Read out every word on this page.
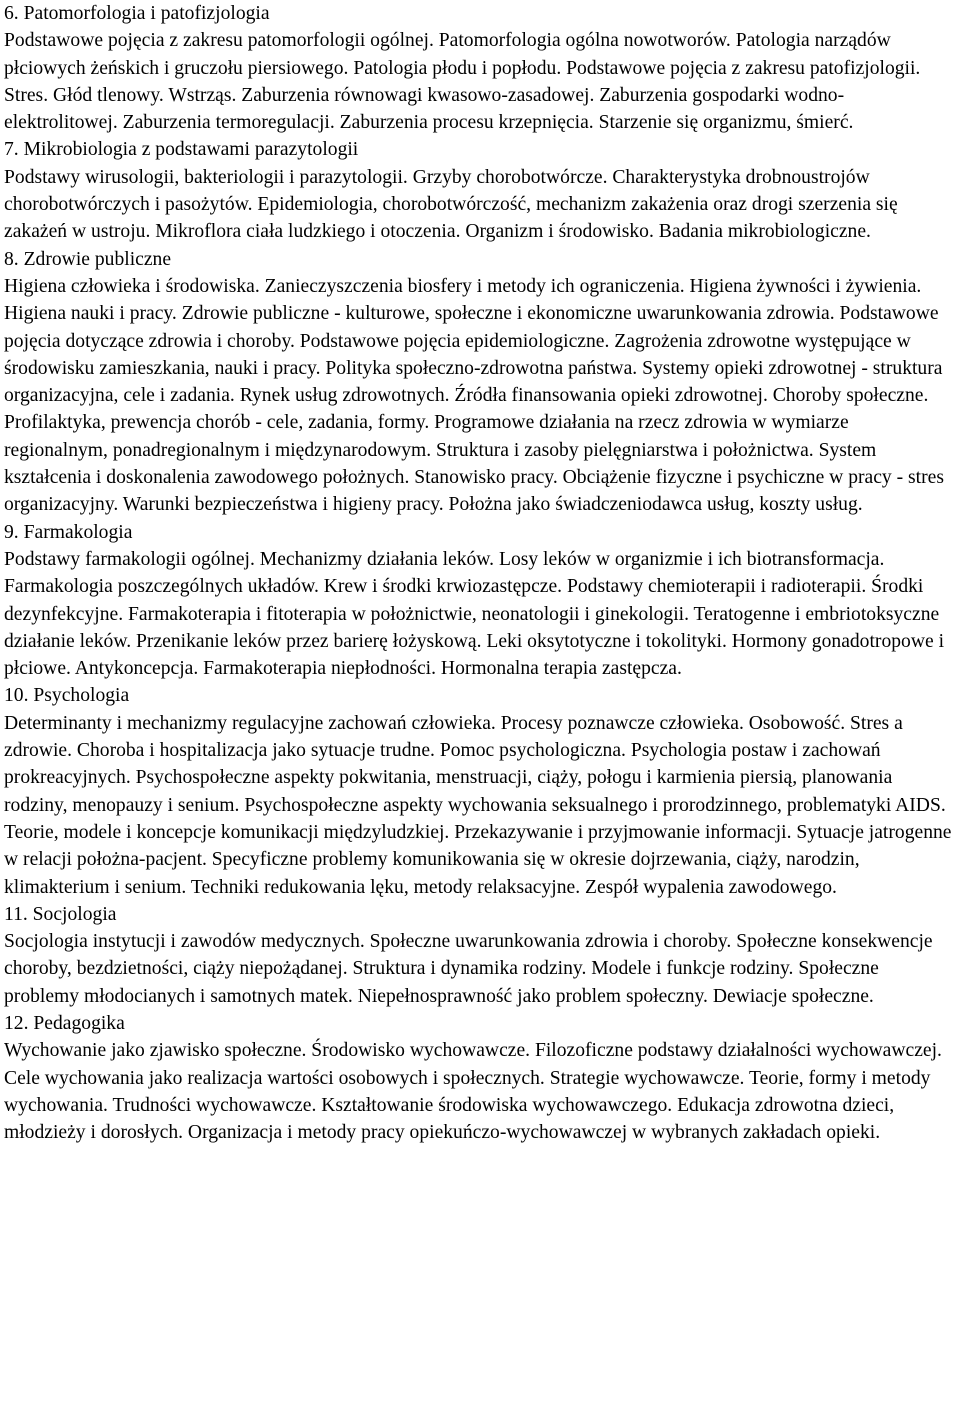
6. Patomorfologia i patofizjologia

Podstawowe pojęcia z zakresu patomorfologii ogólnej. Patomorfologia ogólna nowotworów. Patologia narządów płciowych żeńskich i gruczołu piersiowego. Patologia płodu i popłodu. Podstawowe pojęcia z zakresu patofizjologii. Stres. Głód tlenowy. Wstrząs. Zaburzenia równowagi kwasowo-zasadowej. Zaburzenia gospodarki wodno-elektrolitowej. Zaburzenia termoregulacji. Zaburzenia procesu krzepnięcia. Starzenie się organizmu, śmierć.

7. Mikrobiologia z podstawami parazytologii

Podstawy wirusologii, bakteriologii i parazytologii. Grzyby chorobotwórcze. Charakterystyka drobnoustrojów chorobotwórczych i pasożytów. Epidemiologia, chorobotwórczość, mechanizm zakażenia oraz drogi szerzenia się zakażeń w ustroju. Mikroflora ciała ludzkiego i otoczenia. Organizm i środowisko. Badania mikrobiologiczne.

8. Zdrowie publiczne

Higiena człowieka i środowiska. Zanieczyszczenia biosfery i metody ich ograniczenia. Higiena żywności i żywienia. Higiena nauki i pracy. Zdrowie publiczne - kulturowe, społeczne i ekonomiczne uwarunkowania zdrowia. Podstawowe pojęcia dotyczące zdrowia i choroby. Podstawowe pojęcia epidemiologiczne. Zagrożenia zdrowotne występujące w środowisku zamieszkania, nauki i pracy. Polityka społeczno-zdrowotna państwa. Systemy opieki zdrowotnej - struktura organizacyjna, cele i zadania. Rynek usług zdrowotnych. Źródła finansowania opieki zdrowotnej. Choroby społeczne. Profilaktyka, prewencja chorób - cele, zadania, formy. Programowe działania na rzecz zdrowia w wymiarze regionalnym, ponadregionalnym i międzynarodowym. Struktura i zasoby pielęgniarstwa i położnictwa. System kształcenia i doskonalenia zawodowego położnych. Stanowisko pracy. Obciążenie fizyczne i psychiczne w pracy - stres organizacyjny. Warunki bezpieczeństwa i higieny pracy. Położna jako świadczeniodawca usług, koszty usług.

9. Farmakologia

Podstawy farmakologii ogólnej. Mechanizmy działania leków. Losy leków w organizmie i ich biotransformacja. Farmakologia poszczególnych układów. Krew i środki krwiozastępcze. Podstawy chemioterapii i radioterapii. Środki dezynfekcyjne. Farmakoterapia i fitoterapia w położnictwie, neonatologii i ginekologii. Teratogenne i embriotoksyczne działanie leków. Przenikanie leków przez barierę łożyskową. Leki oksytotyczne i tokolityki. Hormony gonadotropowe i płciowe. Antykoncepcja. Farmakoterapia niepłodności. Hormonalna terapia zastępcza.

10. Psychologia

Determinanty i mechanizmy regulacyjne zachowań człowieka. Procesy poznawcze człowieka. Osobowość. Stres a zdrowie. Choroba i hospitalizacja jako sytuacje trudne. Pomoc psychologiczna. Psychologia postaw i zachowań prokreacyjnych. Psychospołeczne aspekty pokwitania, menstruacji, ciąży, połogu i karmienia piersią, planowania rodziny, menopauzy i senium. Psychospołeczne aspekty wychowania seksualnego i prorodzinnego, problematyki AIDS. Teorie, modele i koncepcje komunikacji międzyludzkiej. Przekazywanie i przyjmowanie informacji. Sytuacje jatrogenne w relacji położna-pacjent. Specyficzne problemy komunikowania się w okresie dojrzewania, ciąży, narodzin, klimakterium i senium. Techniki redukowania lęku, metody relaksacyjne. Zespół wypalenia zawodowego.

11. Socjologia

Socjologia instytucji i zawodów medycznych. Społeczne uwarunkowania zdrowia i choroby. Społeczne konsekwencje choroby, bezdzietności, ciąży niepożądanej. Struktura i dynamika rodziny. Modele i funkcje rodziny. Społeczne problemy młodocianych i samotnych matek. Niepełnosprawność jako problem społeczny. Dewiacje społeczne.

12. Pedagogika

Wychowanie jako zjawisko społeczne. Środowisko wychowawcze. Filozoficzne podstawy działalności wychowawczej. Cele wychowania jako realizacja wartości osobowych i społecznych. Strategie wychowawcze. Teorie, formy i metody wychowania. Trudności wychowawcze. Kształtowanie środowiska wychowawczego. Edukacja zdrowotna dzieci, młodzieży i dorosłych. Organizacja i metody pracy opiekuńczo-wychowawczej w wybranych zakładach opieki.
